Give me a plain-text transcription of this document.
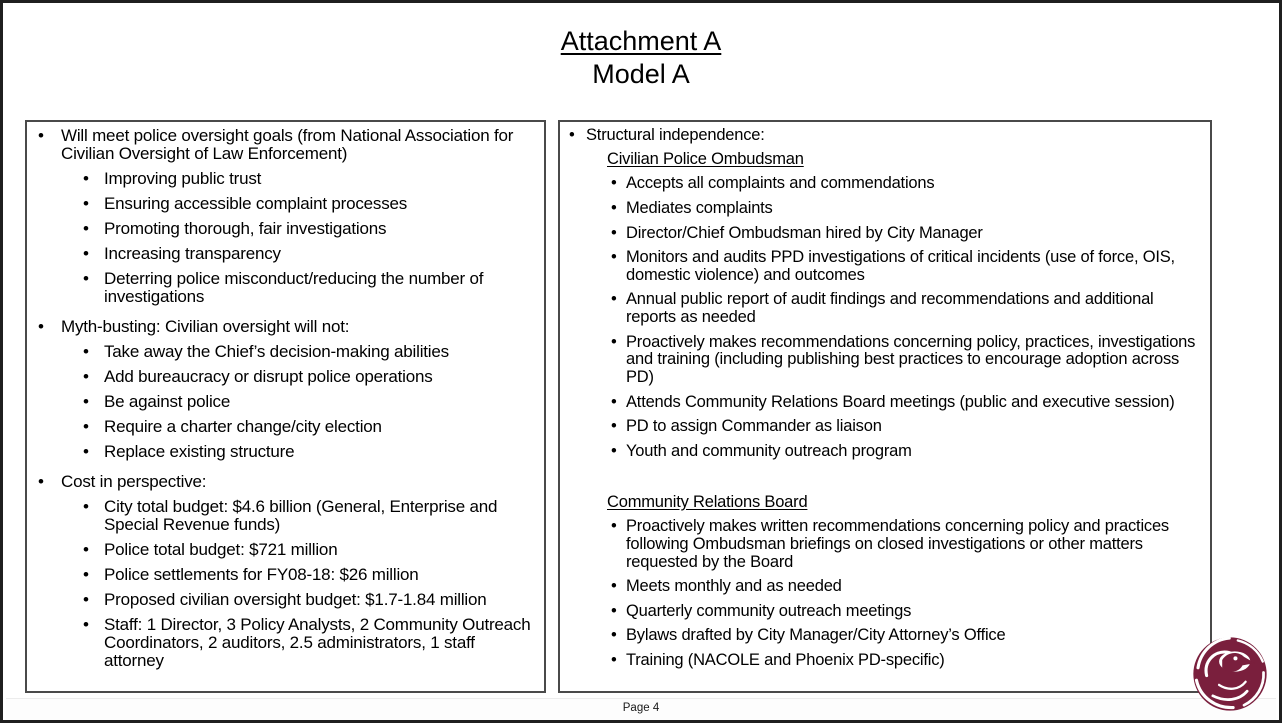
Attachment A
Model A
•	Will meet police oversight goals (from National Association for Civilian Oversight of Law Enforcement)
• Improving public trust
• Ensuring accessible complaint processes
• Promoting thorough, fair investigations
• Increasing transparency
• Deterring police misconduct/reducing the number of investigations
•	Myth-busting: Civilian oversight will not:
• Take away the Chief’s decision-making abilities
• Add bureaucracy or disrupt police operations
• Be against police
• Require a charter change/city election
• Replace existing structure
•	Cost in perspective:
• City total budget: $4.6 billion (General, Enterprise and Special Revenue funds)
• Police total budget: $721 million
• Police settlements for FY08-18: $26 million
• Proposed civilian oversight budget: $1.7-1.84 million
• Staff: 1 Director, 3 Policy Analysts, 2 Community Outreach Coordinators, 2 auditors, 2.5 administrators, 1 staff attorney
• Structural independence:
Civilian Police Ombudsman
• Accepts all complaints and commendations
• Mediates complaints
• Director/Chief Ombudsman hired by City Manager
• Monitors and audits PPD investigations of critical incidents (use of force, OIS, domestic violence) and outcomes
• Annual public report of audit findings and recommendations and additional reports as needed
• Proactively makes recommendations concerning policy, practices, investigations and training (including publishing best practices to encourage adoption across PD)
• Attends Community Relations Board meetings (public and executive session)
• PD to assign Commander as liaison
• Youth and community outreach program
Community Relations Board
• Proactively makes written recommendations concerning policy and practices following Ombudsman briefings on closed investigations or other matters requested by the Board
• Meets monthly and as needed
• Quarterly community outreach meetings
• Bylaws drafted by City Manager/City Attorney’s Office
• Training (NACOLE and Phoenix PD-specific)
Page 4
